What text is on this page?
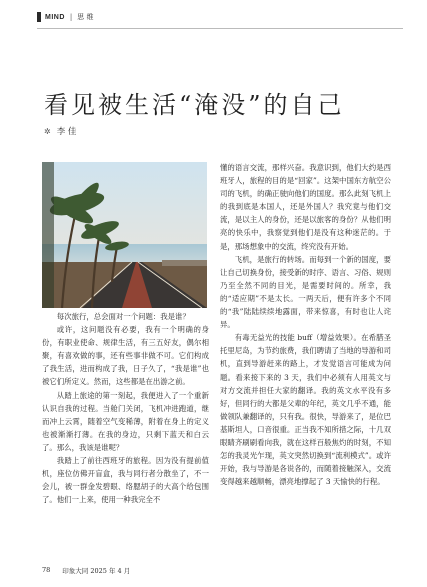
MIND | 思 维
看见被生活“淹没”的自己
✲ 李 佳

每次旅行，总会面对一个问题：我是谁？

或许，这问题没有必要，我有一个明确的身份，有职业使命、规律生活，有三五好友，偶尔相聚，有喜欢做的事，还有些事非做不可。它们构成了我生活，进而构成了我，日子久了，“我是谁”也被它们所定义。然而，这些都是在出游之前。

从踏上旅途的第一刻起，我便进入了一个重新认识自我的过程。当舱门关闭，飞机冲进跑道，继而冲上云霄，随着空气变稀薄，附着在身上的定义也被渐渐打薄。在我的身边，只剩下蓝天和白云了。那么，我该是谁呢？

我踏上了前往西班牙的旅程。因为没有提前值机，座位仿佛开盲盒，我与同行者分散坐了，不一会儿，被一群金发碧眼、络腮胡子的大高个给包围了。他们一上来，使用一种我完全不

懂的语言交流，那样兴奋。我意识到，他们大约是西班牙人，旅程的目的是“回家”。这架中国东方航空公司的飞机，的确正驶向他们的国度。那么此刻飞机上的我到底是本国人，还是外国人？我究竟与他们交流，是以主人的身份，还是以旅客的身份？从他们明亮的快乐中，我察觉到他们是没有这种迷茫的。于是，那场想象中的交流，终究没有开始。

飞机，是旅行的转场。而每到一个新的国度，要让自己切换身份，接受新的时序、语言、习俗、规则乃至全然不同的目光，是需要时间的。所幸，我的“适应期”不是太长。一两天后，便有许多个不同的“我”陆陆续续地露面，带来惊喜，有时也让人诧异。

有毒无益光的技能 buff（增益效果）。在希腊圣托里尼岛，为节约旅费，我们聘请了当地的导游和司机，直到导游赶来的路上，才发觉语言可能成为问题。看来接下来的 3 天，我们中必须有人用英文与对方交流并担任大家的翻译。我的英文水平没有多好，但同行的大都是父辈的年纪，英文几乎不通，能做领队兼翻译的，只有我。很快，导游来了，是位巴基斯坦人，口音很重。正当我不知所措之际，十几双眼睛齐刷刷看向我，就在这样百般焦灼的时刻，不知怎的我灵光乍现，英文突然切换到“流利模式”。或许开始，我与导游是各说各的，而随着接触深入，交流变得越来越顺畅，漂亮地撑起了 3 天愉快的行程。

78 印象大同 2025 年 4 月
